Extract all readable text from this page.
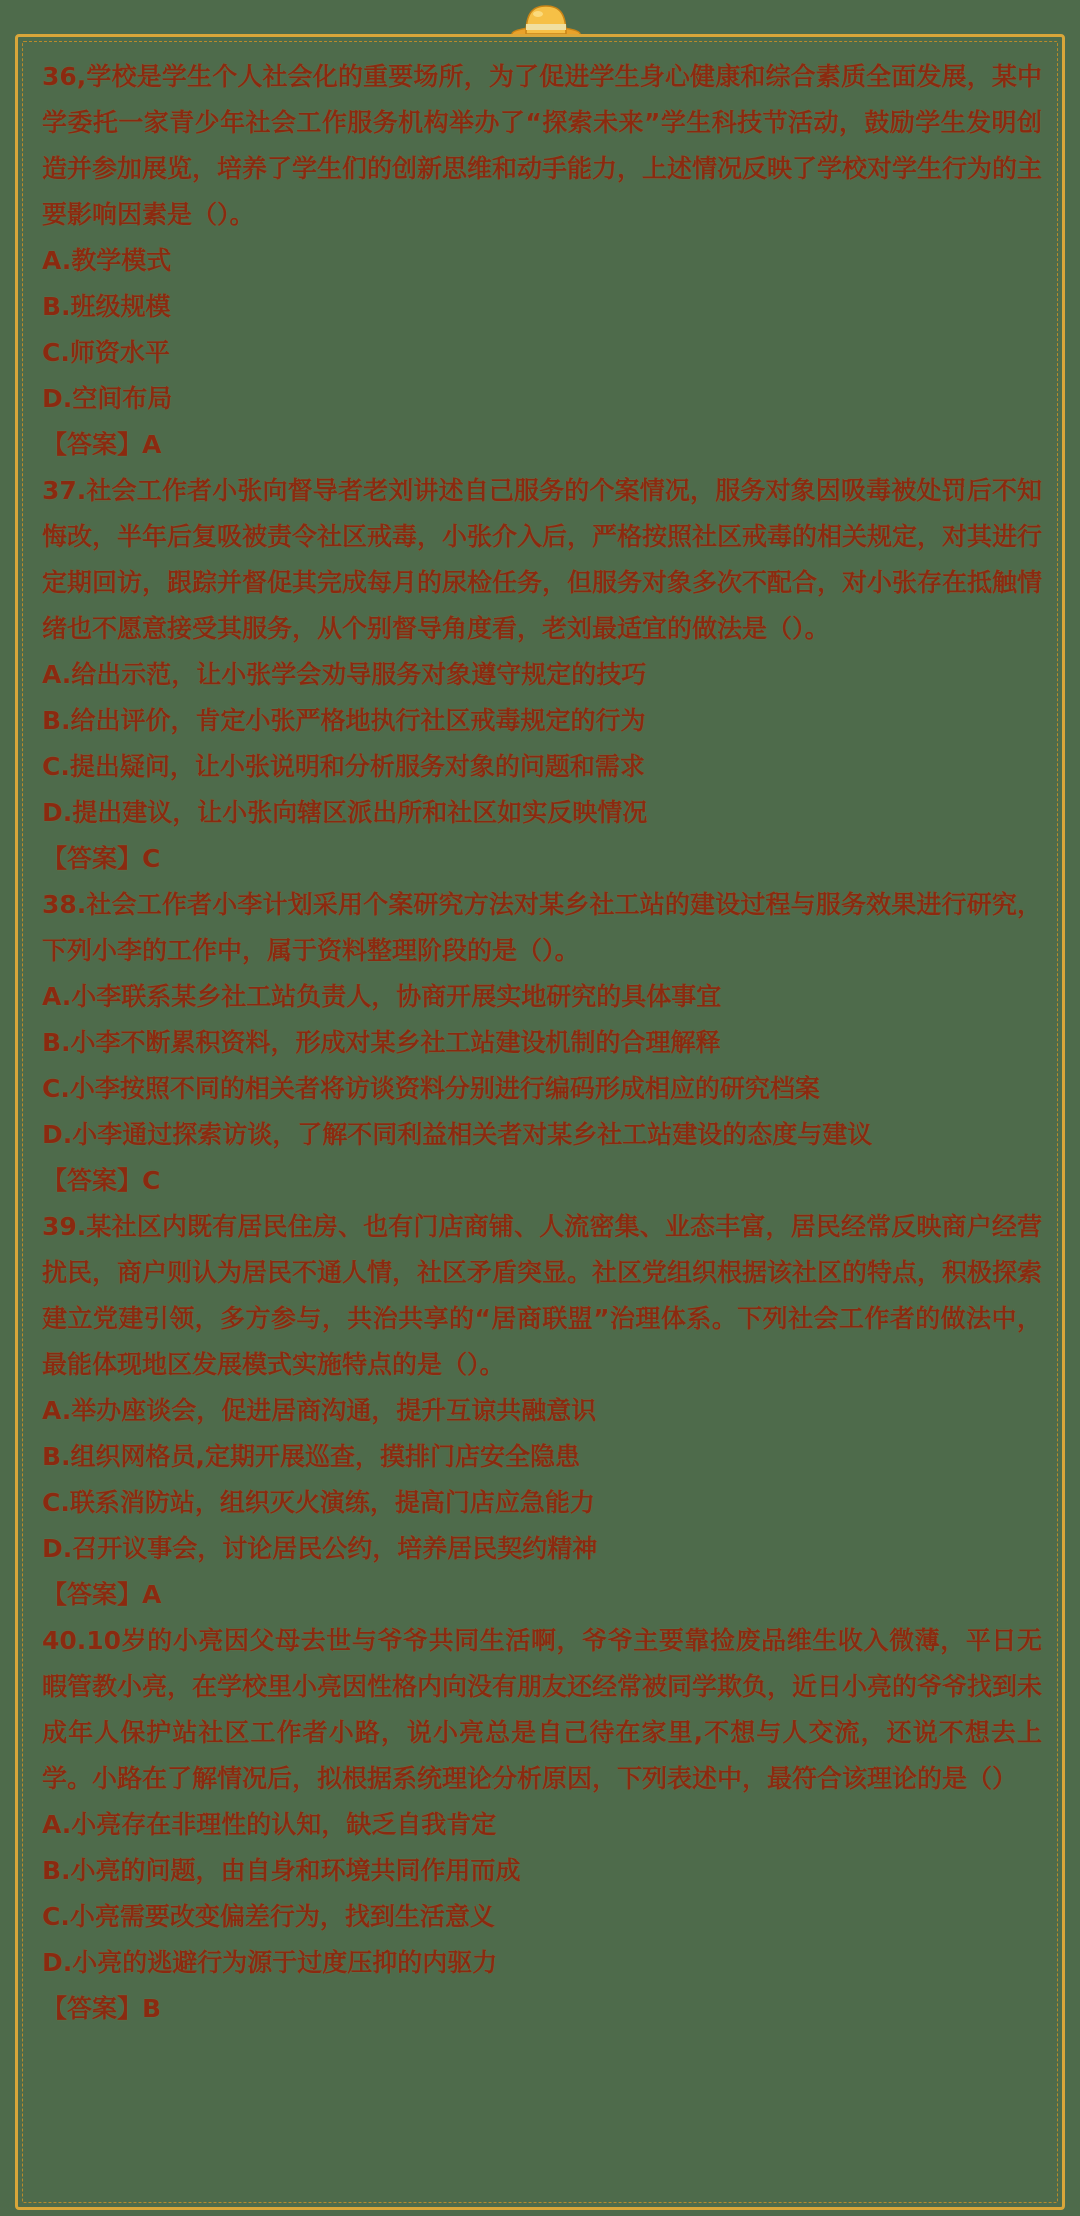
36,学校是学生个人社会化的重要场所，为了促进学生身心健康和综合素质全面发展，某中学委托一家青少年社会工作服务机构举办了“探索未来”学生科技节活动，鼓励学生发明创造并参加展览，培养了学生们的创新思维和动手能力，上述情况反映了学校对学生行为的主要影响因素是（）。

A.教学模式

B.班级规模

C.师资水平

D.空间布局

【答案】A

37.社会工作者小张向督导者老刘讲述自己服务的个案情况，服务对象因吸毒被处罚后不知悔改，半年后复吸被责令社区戒毒，小张介入后，严格按照社区戒毒的相关规定，对其进行定期回访，跟踪并督促其完成每月的尿检任务，但服务对象多次不配合，对小张存在抵触情绪也不愿意接受其服务，从个别督导角度看，老刘最适宜的做法是（）。

A.给出示范，让小张学会劝导服务对象遵守规定的技巧

B.给出评价，肯定小张严格地执行社区戒毒规定的行为

C.提出疑问，让小张说明和分析服务对象的问题和需求

D.提出建议，让小张向辖区派出所和社区如实反映情况

【答案】C

38.社会工作者小李计划采用个案研究方法对某乡社工站的建设过程与服务效果进行研究，下列小李的工作中，属于资料整理阶段的是（）。

A.小李联系某乡社工站负责人，协商开展实地研究的具体事宜

B.小李不断累积资料，形成对某乡社工站建设机制的合理解释

C.小李按照不同的相关者将访谈资料分别进行编码形成相应的研究档案

D.小李通过探索访谈，了解不同利益相关者对某乡社工站建设的态度与建议

【答案】C

39.某社区内既有居民住房、也有门店商铺、人流密集、业态丰富，居民经常反映商户经营扰民，商户则认为居民不通人情，社区矛盾突显。社区党组织根据该社区的特点，积极探索建立党建引领，多方参与，共治共享的“居商联盟”治理体系。下列社会工作者的做法中，最能体现地区发展模式实施特点的是（）。

A.举办座谈会，促进居商沟通，提升互谅共融意识

B.组织网格员,定期开展巡查，摸排门店安全隐患

C.联系消防站，组织灭火演练，提高门店应急能力

D.召开议事会，讨论居民公约，培养居民契约精神

【答案】A

40.10岁的小亮因父母去世与爷爷共同生活啊，爷爷主要靠捡废品维生收入微薄，平日无暇管教小亮，在学校里小亮因性格内向没有朋友还经常被同学欺负，近日小亮的爷爷找到未成年人保护站社区工作者小路，说小亮总是自己待在家里,不想与人交流，还说不想去上学。小路在了解情况后，拟根据系统理论分析原因，下列表述中，最符合该理论的是（）

A.小亮存在非理性的认知，缺乏自我肯定

B.小亮的问题，由自身和环境共同作用而成

C.小亮需要改变偏差行为，找到生活意义

D.小亮的逃避行为源于过度压抑的内驱力

【答案】B
